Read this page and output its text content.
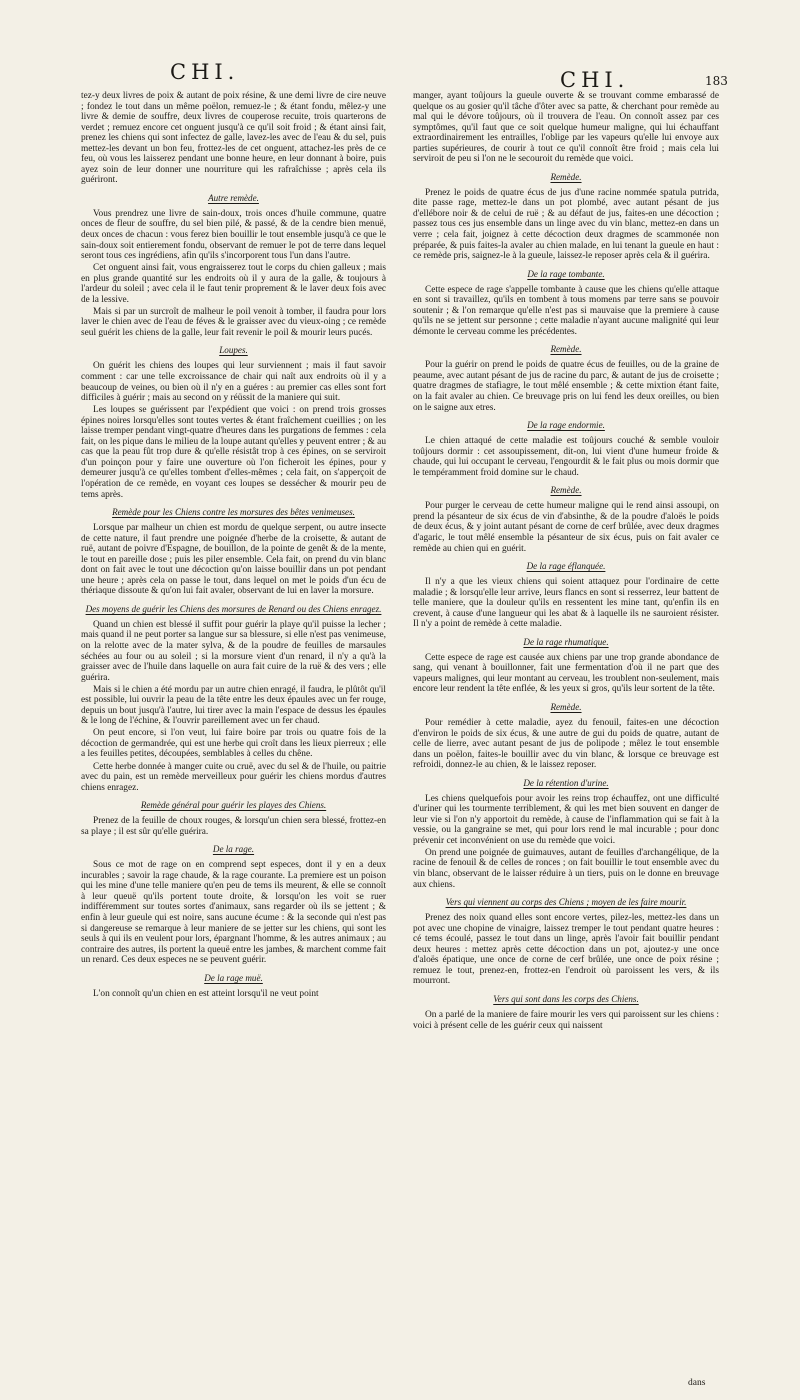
CHI.	CHI.	183

tez-y deux livres de poix & autant de poix résine, & une demi livre de cire neuve ; fondez le tout dans un même poëlon, remuez-le ; & étant fondu, mêlez-y une livre & demie de souffre, deux livres de couperose recuite, trois quarterons de verdet ; remuez encore cet onguent jusqu'à ce qu'il soit froid ; & étant ainsi fait, prenez les chiens qui sont infectez de galle, lavez-les avec de l'eau & du sel, puis mettez-les devant un bon feu, frottez-les de cet onguent, attachez-les près de ce feu, où vous les laisserez pendant une bonne heure, en leur donnant à boire, puis ayez soin de leur donner une nourriture qui les rafraîchisse ; après cela ils guériront.

Autre remède.

Vous prendrez une livre de sain-doux, trois onces d'huile commune, quatre onces de fleur de souffre, du sel bien pilé, & passé, & de la cendre bien menuë, deux onces de chacun : vous ferez bien bouillir le tout ensemble jusqu'à ce que le sain-doux soit entierement fondu, observant de remuer le pot de terre dans lequel seront tous ces ingrédiens, afin qu'ils s'incorporent tous l'un dans l'autre.

Cet onguent ainsi fait, vous engraisserez tout le corps du chien galleux ; mais en plus grande quantité sur les endroits où il y aura de la galle, & toujours à l'ardeur du soleil ; avec cela il le faut tenir proprement & le laver deux fois avec de la lessive.

Mais si par un surcroît de malheur le poil venoit à tomber, il faudra pour lors laver le chien avec de l'eau de féves & le graisser avec du vieux-oing ; ce remède seul guérit les chiens de la galle, leur fait revenir le poil & mourir leurs pucés.

Loupes.

On guérit les chiens des loupes qui leur surviennent ; mais il faut savoir comment : car une telle excroissance de chair qui naît aux endroits où il y a beaucoup de veines, ou bien où il n'y en a guéres : au premier cas elles sont fort difficiles à guérir ; mais au second on y réüssit de la maniere qui suit.

Les loupes se guérissent par l'expédient que voici : on prend trois grosses épines noires lorsqu'elles sont toutes vertes & étant fraîchement cueillies ; on les laisse tremper pendant vingt-quatre d'heures dans les purgations de femmes : cela fait, on les pique dans le milieu de la loupe autant qu'elles y peuvent entrer ; & au cas que la peau fût trop dure & qu'elle résistât trop à ces épines, on se serviroit d'un poinçon pour y faire une ouverture où l'on ficheroit les épines, pour y demeurer jusqu'à ce qu'elles tombent d'elles-mêmes ; cela fait, on s'apperçoit de l'opération de ce remède, en voyant ces loupes se dessécher & mourir peu de tems après.

Remède pour les Chiens contre les morsures des bêtes venimeuses.

Lorsque par malheur un chien est mordu de quelque serpent, ou autre insecte de cette nature, il faut prendre une poignée d'herbe de la croisette, & autant de ruë, autant de poivre d'Espagne, de bouillon, de la pointe de genêt & de la mente, le tout en pareille dose ; puis les piler ensemble. Cela fait, on prend du vin blanc dont on fait avec le tout une décoction qu'on laisse bouillir dans un pot pendant une heure ; après cela on passe le tout, dans lequel on met le poids d'un écu de thériaque dissoute & qu'on lui fait avaler, observant de lui en laver la morsure.

Des moyens de guérir les Chiens des morsures de Renard ou des Chiens enragez.

Quand un chien est blessé il suffit pour guérir la playe qu'il puisse la lecher ; mais quand il ne peut porter sa langue sur sa blessure, si elle n'est pas venimeuse, on la relotte avec de la mater sylva, & de la poudre de feuilles de marsaules séchées au four ou au soleil ; si la morsure vient d'un renard, il n'y a qu'à la graisser avec de l'huile dans laquelle on aura fait cuire de la ruë & des vers ; elle guérira.

Mais si le chien a été mordu par un autre chien enragé, il faudra, le plûtôt qu'il est possible, lui ouvrir la peau de la tête entre les deux épaules avec un fer rouge, depuis un bout jusqu'à l'autre, lui tirer avec la main l'espace de dessus les épaules & le long de l'échine, & l'ouvrir pareillement avec un fer chaud.

On peut encore, si l'on veut, lui faire boire par trois ou quatre fois de la décoction de germandrée, qui est une herbe qui croît dans les lieux pierreux ; elle a les feuilles petites, découpées, semblables à celles du chêne.

Cette herbe donnée à manger cuite ou cruë, avec du sel & de l'huile, ou paitrie avec du pain, est un remède merveilleux pour guérir les chiens mordus d'autres chiens enragez.

Remède général pour guérir les playes des Chiens.

Prenez de la feuille de choux rouges, & lorsqu'un chien sera blessé, frottez-en sa playe ; il est sûr qu'elle guérira.

De la rage.

Sous ce mot de rage on en comprend sept especes, dont il y en a deux incurables ; savoir la rage chaude, & la rage courante. La premiere est un poison qui les mine d'une telle maniere qu'en peu de tems ils meurent, & elle se connoît à leur queuë qu'ils portent toute droite, & lorsqu'on les voit se ruer indifféremment sur toutes sortes d'animaux, sans regarder où ils se jettent ; & enfin à leur gueule qui est noire, sans aucune écume : & la seconde qui n'est pas si dangereuse se remarque à leur maniere de se jetter sur les chiens, qui sont les seuls à qui ils en veulent pour lors, épargnant l'homme, & les autres animaux ; au contraire des autres, ils portent la queuë entre les jambes, & marchent comme fait un renard. Ces deux especes ne se peuvent guérir.

De la rage muë.

L'on connoît qu'un chien en est atteint lorsqu'il ne veut point

manger, ayant toûjours la gueule ouverte & se trouvant comme embarassé de quelque os au gosier qu'il tâche d'ôter avec sa patte, & cherchant pour remède au mal qui le dévore toûjours, où il trouvera de l'eau. On connoît assez par ces symptômes, qu'il faut que ce soit quelque humeur maligne, qui lui échauffant extraordinairement les entrailles, l'oblige par les vapeurs qu'elle lui envoye aux parties supérieures, de courir à tout ce qu'il connoît être froid ; mais cela lui serviroit de peu si l'on ne le secouroit du remède que voici.

Remède.

Prenez le poids de quatre écus de jus d'une racine nommée spatula putrida, dite passe rage, mettez-le dans un pot plombé, avec autant pésant de jus d'ellébore noir & de celui de ruë ; & au défaut de jus, faites-en une décoction ; passez tous ces jus ensemble dans un linge avec du vin blanc, mettez-en dans un verre ; cela fait, joignez à cette décoction deux dragmes de scammonée non préparée, & puis faites-la avaler au chien malade, en lui tenant la gueule en haut : ce remède pris, saignez-le à la gueule, laissez-le reposer après cela & il guérira.

De la rage tombante.

Cette espece de rage s'appelle tombante à cause que les chiens qu'elle attaque en sont si travaillez, qu'ils en tombent à tous momens par terre sans se pouvoir soutenir ; & l'on remarque qu'elle n'est pas si mauvaise que la premiere à cause qu'ils ne se jettent sur personne ; cette maladie n'ayant aucune malignité qui leur démonte le cerveau comme les précédentes.

Remède.

Pour la guérir on prend le poids de quatre écus de feuilles, ou de la graine de peaume, avec autant pésant de jus de racine du parc, & autant de jus de croisette ; quatre dragmes de stafiagre, le tout mêlé ensemble ; & cette mixtion étant faite, on la fait avaler au chien. Ce breuvage pris on lui fend les deux oreilles, ou bien on le saigne aux etres.

De la rage endormie.

Le chien attaqué de cette maladie est toûjours couché & semble vouloir toûjours dormir : cet assoupissement, dit-on, lui vient d'une humeur froide & chaude, qui lui occupant le cerveau, l'engourdit & le fait plus ou mois dormir que le tempéramment froid domine sur le chaud.

Remède.

Pour purger le cerveau de cette humeur maligne qui le rend ainsi assoupi, on prend la pésanteur de six écus de vin d'absinthe, & de la poudre d'aloës le poids de deux écus, & y joint autant pésant de corne de cerf brûlée, avec deux dragmes d'agaric, le tout mêlé ensemble la pésanteur de six écus, puis on fait avaler ce remède au chien qui en guérit.

De la rage éflanquée.

Il n'y a que les vieux chiens qui soient attaquez pour l'ordinaire de cette maladie ; & lorsqu'elle leur arrive, leurs flancs en sont si resserrez, leur battent de telle maniere, que la douleur qu'ils en ressentent les mine tant, qu'enfin ils en crevent, à cause d'une langueur qui les abat & à laquelle ils ne sauroient résister. Il n'y a point de remède à cette maladie.

De la rage rhumatique.

Cette espece de rage est causée aux chiens par une trop grande abondance de sang, qui venant à bouillonner, fait une fermentation d'où il ne part que des vapeurs malignes, qui leur montant au cerveau, les troublent non-seulement, mais encore leur rendent la tête enflée, & les yeux si gros, qu'ils leur sortent de la tête.

Remède.

Pour remédier à cette maladie, ayez du fenouil, faites-en une décoction d'environ le poids de six écus, & une autre de gui du poids de quatre, autant de celle de lierre, avec autant pesant de jus de polipode ; mêlez le tout ensemble dans un poëlon, faites-le bouillir avec du vin blanc, & lorsque ce breuvage est refroidi, donnez-le au chien, & le laissez reposer.

De la rétention d'urine.

Les chiens quelquefois pour avoir les reins trop échauffez, ont une difficulté d'uriner qui les tourmente terriblement, & qui les met bien souvent en danger de leur vie si l'on n'y apportoit du remède, à cause de l'inflammation qui se fait à la vessie, ou la gangraine se met, qui pour lors rend le mal incurable ; pour donc prévenir cet inconvénient on use du remède que voici.

On prend une poignée de guimauves, autant de feuilles d'archangélique, de la racine de fenouil & de celles de ronces ; on fait bouillir le tout ensemble avec du vin blanc, observant de le laisser réduire à un tiers, puis on le donne en breuvage aux chiens.

Vers qui viennent au corps des Chiens ; moyen de les faire mourir.

Prenez des noix quand elles sont encore vertes, pilez-les, mettez-les dans un pot avec une chopine de vinaigre, laissez tremper le tout pendant quatre heures : cé tems écoulé, passez le tout dans un linge, après l'avoir fait bouillir pendant deux heures : mettez après cette décoction dans un pot, ajoutez-y une once d'aloës épatique, une once de corne de cerf brûlée, une once de poix résine ; remuez le tout, prenez-en, frottez-en l'endroit où paroissent les vers, & ils mourront.

Vers qui sont dans les corps des Chiens.

On a parlé de la maniere de faire mourir les vers qui paroissent sur les chiens : voici à présent celle de les guérir ceux qui naissent

dans
